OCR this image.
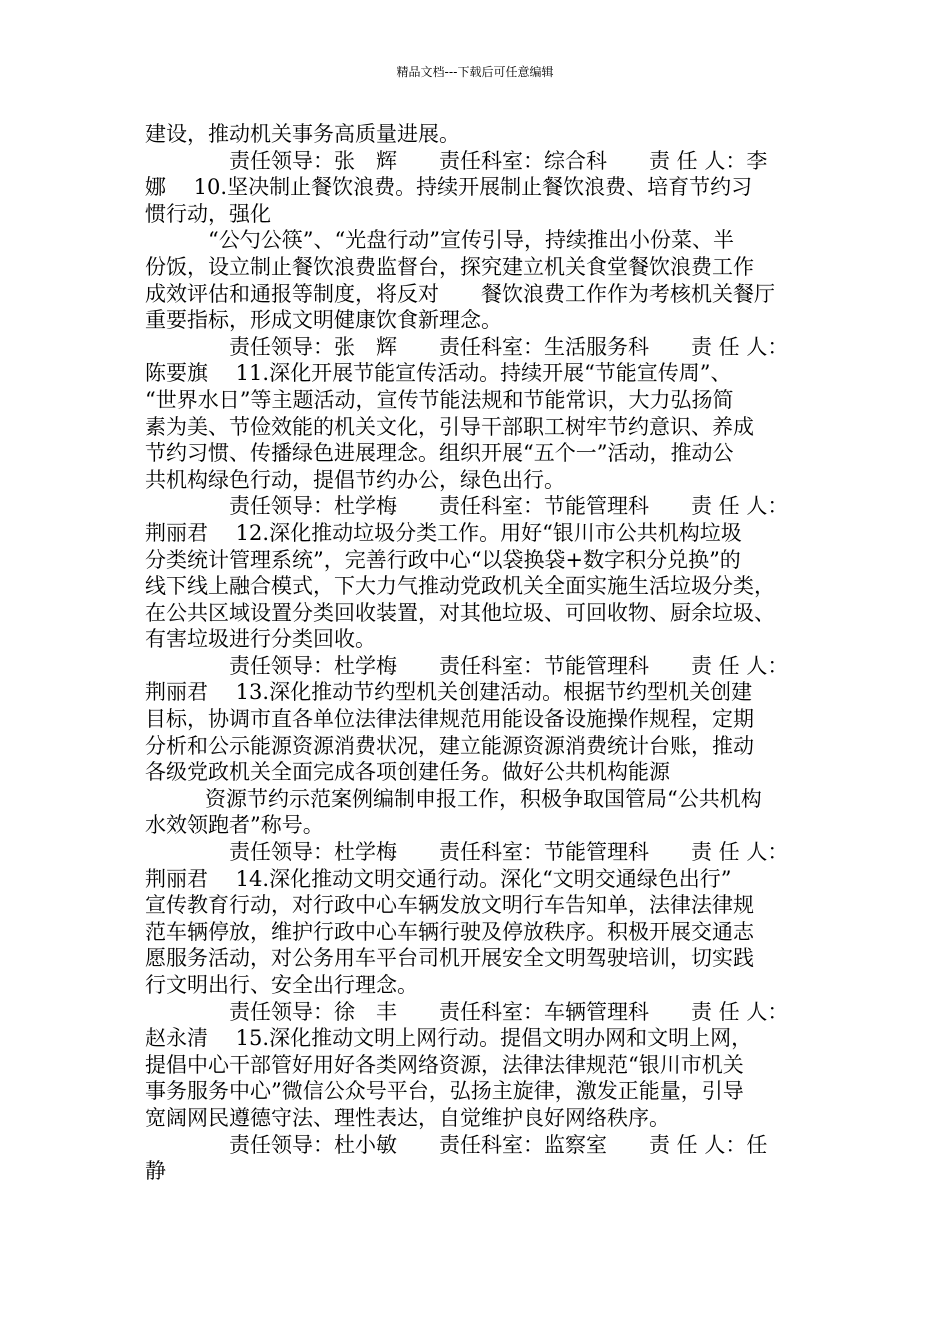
精品文档---下载后可任意编辑
建设，推动机关事务高质量进展。
责任领导：张　辉　　责任科室：综合科　　责 任 人：李
娜　 10.坚决制止餐饮浪费。持续开展制止餐饮浪费、培育节约习
惯行动，强化
“公勺公筷”、“光盘行动”宣传引导，持续推出小份菜、半
份饭，设立制止餐饮浪费监督台，探究建立机关食堂餐饮浪费工作
成效评估和通报等制度，将反对　　餐饮浪费工作作为考核机关餐厅
重要指标，形成文明健康饮食新理念。
责任领导：张　辉　　责任科室：生活服务科　　责 任 人：
陈要旗　 11.深化开展节能宣传活动。持续开展“节能宣传周”、
“世界水日”等主题活动，宣传节能法规和节能常识，大力弘扬简
素为美、节俭效能的机关文化，引导干部职工树牢节约意识、养成
节约习惯、传播绿色进展理念。组织开展“五个一”活动，推动公
共机构绿色行动，提倡节约办公，绿色出行。
责任领导：杜学梅　　责任科室：节能管理科　　责 任 人：
荆丽君　 12.深化推动垃圾分类工作。用好“银川市公共机构垃圾
分类统计管理系统”，完善行政中心“以袋换袋+数字积分兑换”的
线下线上融合模式，下大力气推动党政机关全面实施生活垃圾分类，
在公共区域设置分类回收装置，对其他垃圾、可回收物、厨余垃圾、
有害垃圾进行分类回收。
责任领导：杜学梅　　责任科室：节能管理科　　责 任 人：
荆丽君　 13.深化推动节约型机关创建活动。根据节约型机关创建
目标，协调市直各单位法律法律规范用能设备设施操作规程，定期
分析和公示能源资源消费状况，建立能源资源消费统计台账，推动
各级党政机关全面完成各项创建任务。做好公共机构能源
资源节约示范案例编制申报工作，积极争取国管局“公共机构
水效领跑者”称号。
责任领导：杜学梅　　责任科室：节能管理科　　责 任 人：
荆丽君　 14.深化推动文明交通行动。深化“文明交通绿色出行”
宣传教育行动，对行政中心车辆发放文明行车告知单，法律法律规
范车辆停放，维护行政中心车辆行驶及停放秩序。积极开展交通志
愿服务活动，对公务用车平台司机开展安全文明驾驶培训，切实践
行文明出行、安全出行理念。
责任领导：徐　丰　　责任科室：车辆管理科　　责 任 人：
赵永清　 15.深化推动文明上网行动。提倡文明办网和文明上网，
提倡中心干部管好用好各类网络资源，法律法律规范“银川市机关
事务服务中心”微信公众号平台，弘扬主旋律，激发正能量，引导
宽阔网民遵德守法、理性表达，自觉维护良好网络秩序。
责任领导：杜小敏　　责任科室：监察室　　责 任 人：任
静
